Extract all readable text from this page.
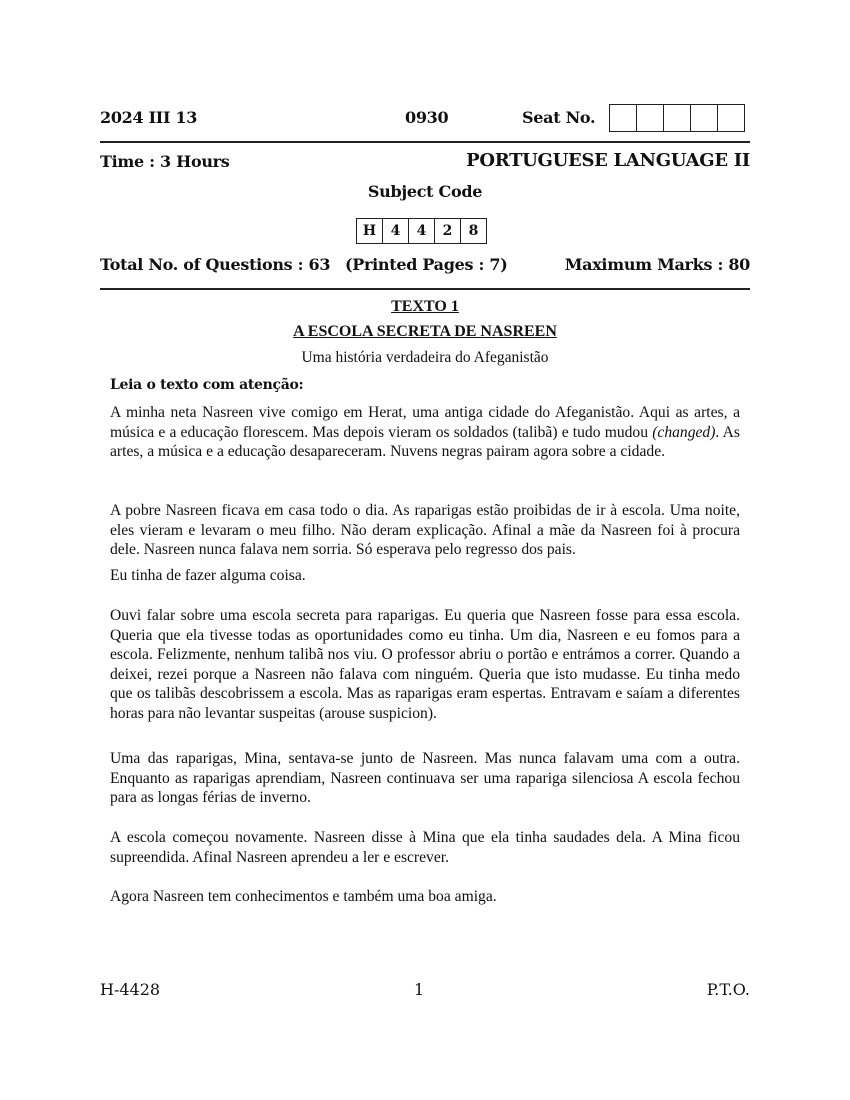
2024 III 13	0930	Seat No.
Time : 3 Hours	PORTUGUESE LANGUAGE II
Subject Code
H	4	4	2	8
Total No. of Questions : 63 (Printed Pages : 7)	Maximum Marks : 80
TEXTO 1
A ESCOLA SECRETA DE NASREEN
Uma história verdadeira do Afeganistão
Leia o texto com atenção:
A minha neta Nasreen vive comigo em Herat, uma antiga cidade do Afeganistão. Aqui as artes, a música e a educação florescem. Mas depois vieram os soldados (talibã) e tudo mudou (changed). As artes, a música e a educação desapareceram. Nuvens negras pairam agora sobre a cidade.
A pobre Nasreen ficava em casa todo o dia. As raparigas estão proibidas de ir à escola. Uma noite, eles vieram e levaram o meu filho. Não deram explicação. Afinal a mãe da Nasreen foi à procura dele. Nasreen nunca falava nem sorria. Só esperava pelo regresso dos pais.
Eu tinha de fazer alguma coisa.
Ouvi falar sobre uma escola secreta para raparigas. Eu queria que Nasreen fosse para essa escola. Queria que ela tivesse todas as oportunidades como eu tinha. Um dia, Nasreen e eu fomos para a escola. Felizmente, nenhum talibã nos viu. O professor abriu o portão e entrámos a correr. Quando a deixei, rezei porque a Nasreen não falava com ninguém. Queria que isto mudasse. Eu tinha medo que os talibãs descobrissem a escola. Mas as raparigas eram espertas. Entravam e saíam a diferentes horas para não levantar suspeitas (arouse suspicion).
Uma das raparigas, Mina, sentava-se junto de Nasreen. Mas nunca falavam uma com a outra. Enquanto as raparigas aprendiam, Nasreen continuava ser uma rapariga silenciosa A escola fechou para as longas férias de inverno.
A escola começou novamente. Nasreen disse à Mina que ela tinha saudades dela. A Mina ficou supreendida. Afinal Nasreen aprendeu a ler e escrever.
Agora Nasreen tem conhecimentos e também uma boa amiga.
H-4428	1	P.T.O.
